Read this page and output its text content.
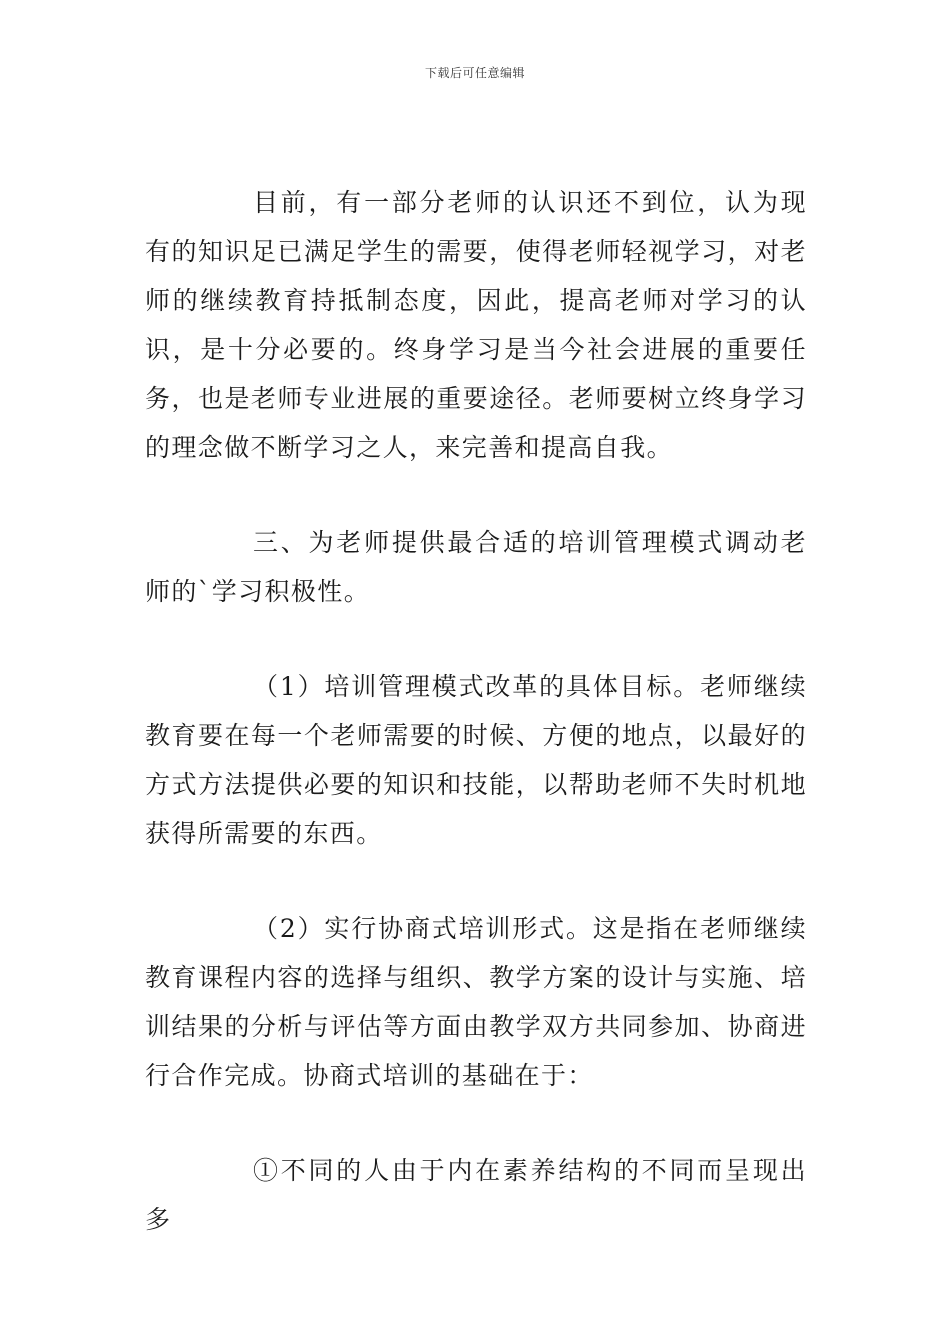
下载后可任意编辑

目前，有一部分老师的认识还不到位，认为现有的知识足已满足学生的需要，使得老师轻视学习，对老师的继续教育持抵制态度，因此，提高老师对学习的认识，是十分必要的。终身学习是当今社会进展的重要任务，也是老师专业进展的重要途径。老师要树立终身学习的理念做不断学习之人，来完善和提高自我。

三、为老师提供最合适的培训管理模式调动老师的`学习积极性。

（1）培训管理模式改革的具体目标。老师继续教育要在每一个老师需要的时候、方便的地点，以最好的方式方法提供必要的知识和技能，以帮助老师不失时机地获得所需要的东西。

（2）实行协商式培训形式。这是指在老师继续教育课程内容的选择与组织、教学方案的设计与实施、培训结果的分析与评估等方面由教学双方共同参加、协商进行合作完成。协商式培训的基础在于：

①不同的人由于内在素养结构的不同而呈现出多
